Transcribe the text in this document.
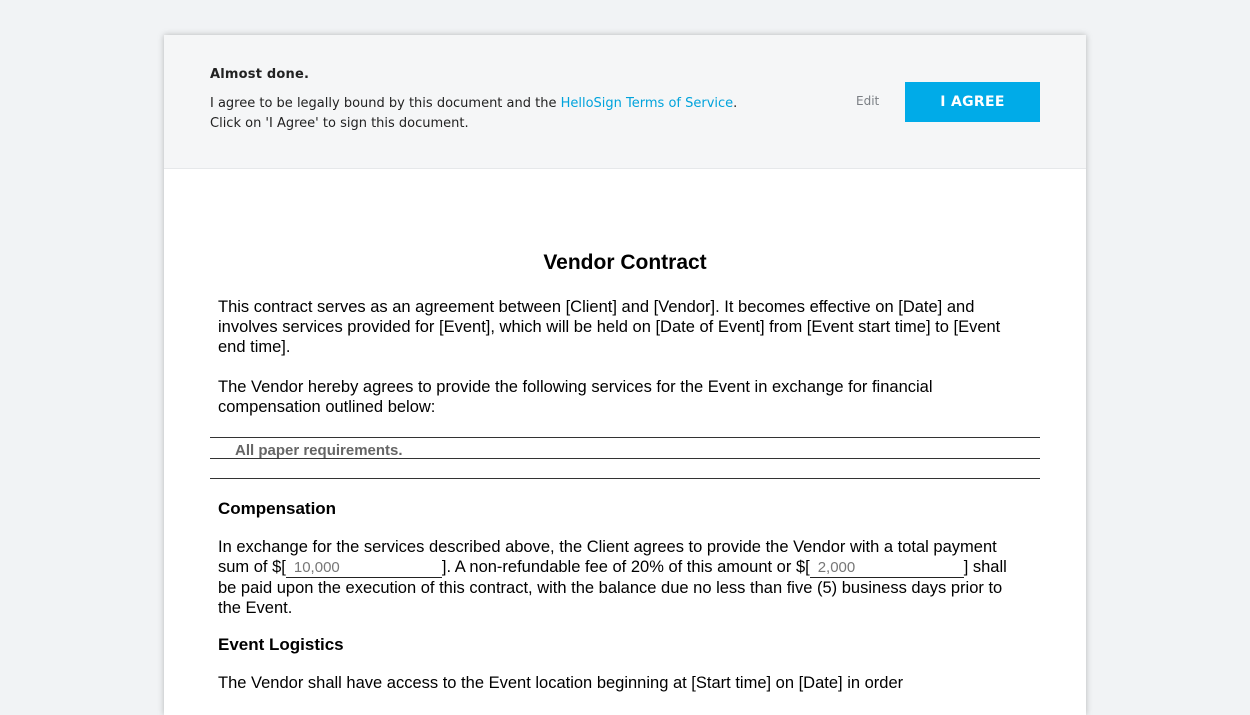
Almost done.
I agree to be legally bound by this document and the HelloSign Terms of Service.
Click on 'I Agree' to sign this document.
Edit	I AGREE
Vendor Contract

This contract serves as an agreement between [Client] and [Vendor]. It becomes effective on [Date] and involves services provided for [Event], which will be held on [Date of Event] from [Event start time] to [Event end time].

The Vendor hereby agrees to provide the following services for the Event in exchange for financial compensation outlined below:

All paper requirements.
Compensation

In exchange for the services described above, the Client agrees to provide the Vendor with a total payment sum of $[ 10,000	]. A non-refundable fee of 20% of this amount or $[ 2,000	] shall be paid upon the execution of this contract, with the balance due no less than five (5) business days prior to the Event.

Event Logistics

The Vendor shall have access to the Event location beginning at [Start time] on [Date] in order
